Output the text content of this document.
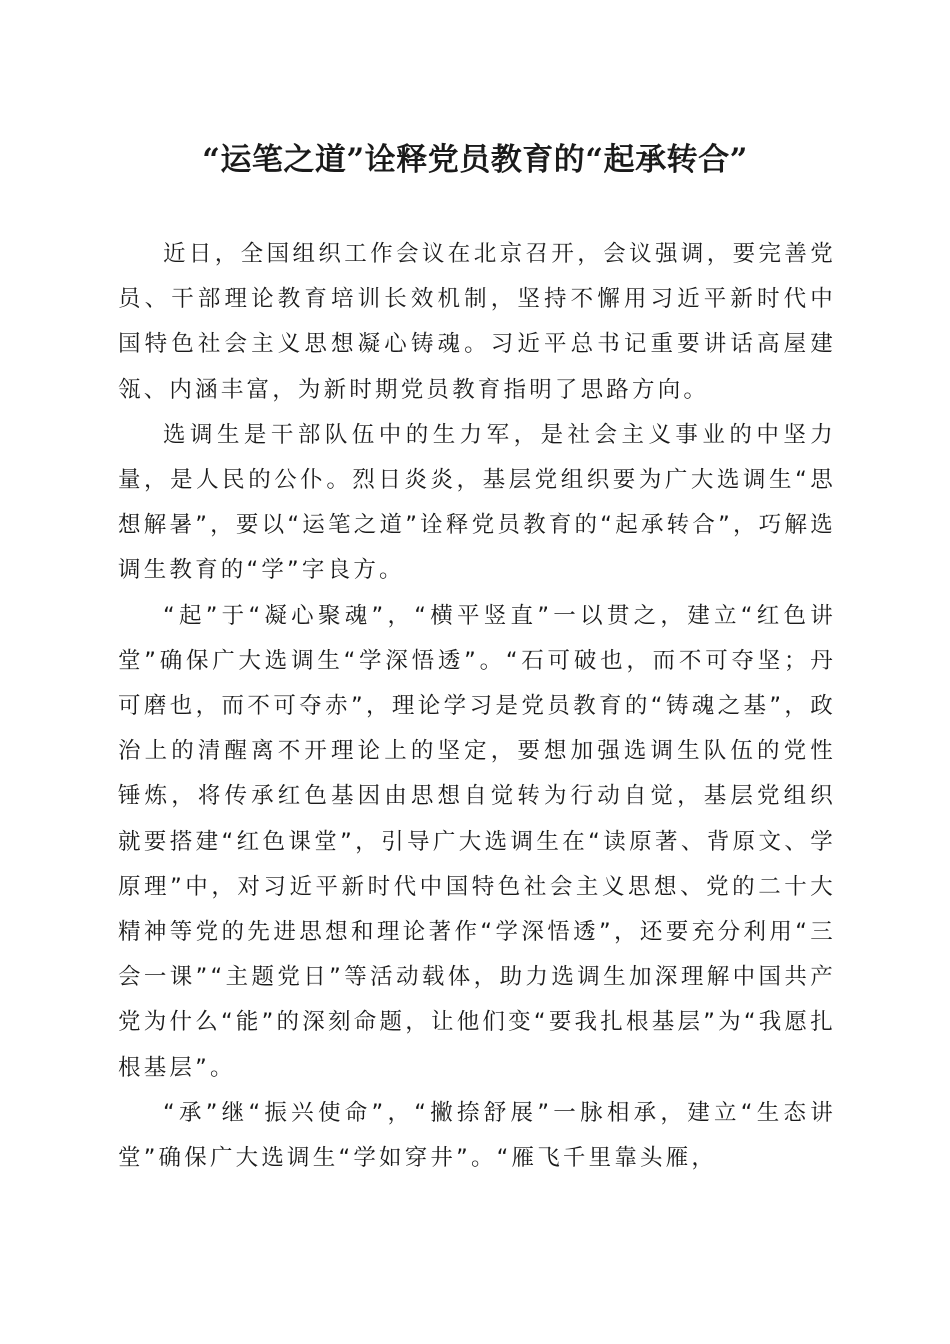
“运笔之道”诠释党员教育的“起承转合”

近日，全国组织工作会议在北京召开，会议强调，要完善党员、干部理论教育培训长效机制，坚持不懈用习近平新时代中国特色社会主义思想凝心铸魂。习近平总书记重要讲话高屋建瓴、内涵丰富，为新时期党员教育指明了思路方向。

选调生是干部队伍中的生力军，是社会主义事业的中坚力量，是人民的公仆。烈日炎炎，基层党组织要为广大选调生“思想解暑”，要以“运笔之道”诠释党员教育的“起承转合”，巧解选调生教育的“学”字良方。

“起”于“凝心聚魂”，“横平竖直”一以贯之，建立“红色讲堂”确保广大选调生“学深悟透”。“石可破也，而不可夺坚；丹可磨也，而不可夺赤”，理论学习是党员教育的“铸魂之基”，政治上的清醒离不开理论上的坚定，要想加强选调生队伍的党性锤炼，将传承红色基因由思想自觉转为行动自觉，基层党组织就要搭建“红色课堂”，引导广大选调生在“读原著、背原文、学原理”中，对习近平新时代中国特色社会主义思想、党的二十大精神等党的先进思想和理论著作“学深悟透”，还要充分利用“三会一课”“主题党日”等活动载体，助力选调生加深理解中国共产党为什么“能”的深刻命题，让他们变“要我扎根基层”为“我愿扎根基层”。

“承”继“振兴使命”，“撇捺舒展”一脉相承，建立“生态讲堂”确保广大选调生“学如穿井”。“雁飞千里靠头雁，
